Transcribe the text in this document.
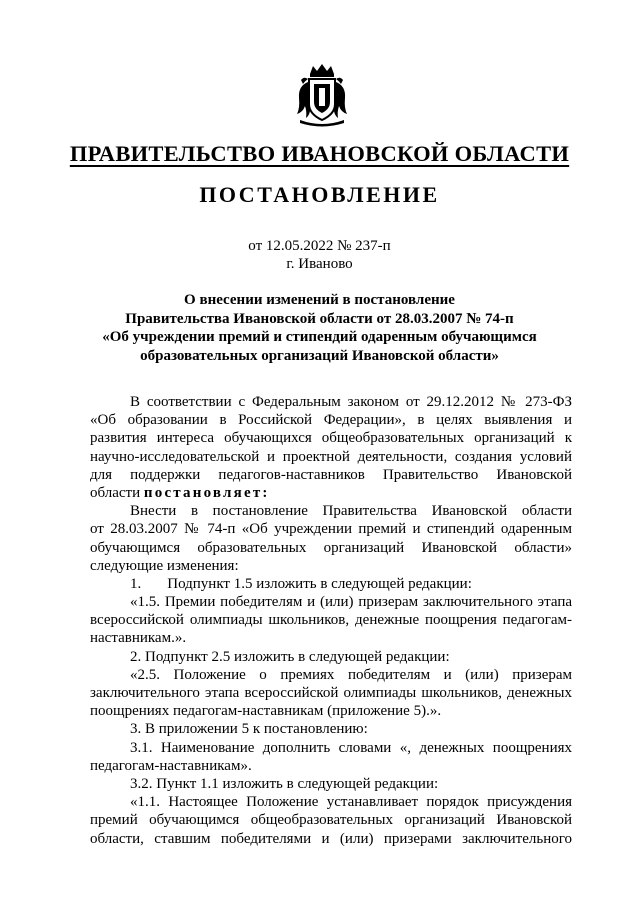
ПРАВИТЕЛЬСТВО ИВАНОВСКОЙ ОБЛАСТИ
ПОСТАНОВЛЕНИЕ
от 12.05.2022 № 237-п
г. Иваново
О внесении изменений в постановление
Правительства Ивановской области от 28.03.2007 № 74-п
«Об учреждении премий и стипендий одаренным обучающимся
образовательных организаций Ивановской области»
В соответствии с Федеральным законом от 29.12.2012 № 273-ФЗ
«Об образовании в Российской Федерации», в целях выявления и
развития интереса обучающихся общеобразовательных организаций к
научно-исследовательской и проектной деятельности, создания условий
для поддержки педагогов-наставников Правительство Ивановской
области постановляет:
Внести в постановление Правительства Ивановской области
от 28.03.2007 № 74-п «Об учреждении премий и стипендий одаренным
обучающимся образовательных организаций Ивановской области»
следующие изменения:
1. Подпункт 1.5 изложить в следующей редакции:
«1.5. Премии победителям и (или) призерам заключительного этапа
всероссийской олимпиады школьников, денежные поощрения педагогам-
наставникам.».
2. Подпункт 2.5 изложить в следующей редакции:
«2.5. Положение о премиях победителям и (или) призерам
заключительного этапа всероссийской олимпиады школьников, денежных
поощрениях педагогам-наставникам (приложение 5).».
3. В приложении 5 к постановлению:
3.1. Наименование дополнить словами «, денежных поощрениях
педагогам-наставникам».
3.2. Пункт 1.1 изложить в следующей редакции:
«1.1. Настоящее Положение устанавливает порядок присуждения
премий обучающимся общеобразовательных организаций Ивановской
области, ставшим победителями и (или) призерами заключительного
